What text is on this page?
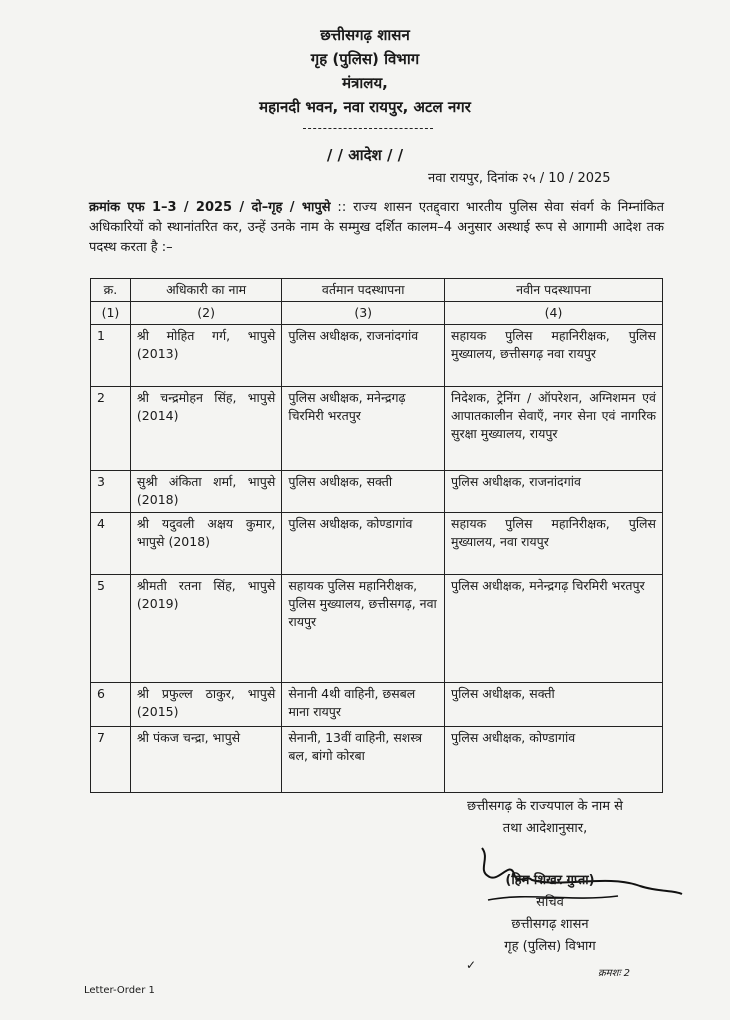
छत्तीसगढ़ शासन
गृह (पुलिस) विभाग
मंत्रालय,
महानदी भवन, नवा रायपुर, अटल नगर
/ / आदेश / /
नवा रायपुर, दिनांक २५ / 10 / 2025
क्रमांक एफ 1–3 / 2025 / दो–गृह / भापुसे :: राज्य शासन एतद्द्वारा भारतीय पुलिस सेवा संवर्ग के निम्नांकित अधिकारियों को स्थानांतरित कर, उन्हें उनके नाम के सम्मुख दर्शित कालम–4 अनुसार अस्थाई रूप से आगामी आदेश तक पदस्थ करता है :–
क्र.	अधिकारी का नाम	वर्तमान पदस्थापना	नवीन पदस्थापना
(1)	(2)	(3)	(4)
1	श्री मोहित गर्ग, भापुसे (2013)	पुलिस अधीक्षक, राजनांदगांव	सहायक पुलिस महानिरीक्षक, पुलिस मुख्यालय, छत्तीसगढ़ नवा रायपुर
2	श्री चन्द्रमोहन सिंह, भापुसे (2014)	पुलिस अधीक्षक, मनेन्द्रगढ़ चिरमिरी भरतपुर	निदेशक, ट्रेनिंग / ऑपरेशन, अग्निशमन एवं आपातकालीन सेवाएँ, नगर सेना एवं नागरिक सुरक्षा मुख्यालय, रायपुर
3	सुश्री अंकिता शर्मा, भापुसे (2018)	पुलिस अधीक्षक, सक्ती	पुलिस अधीक्षक, राजनांदगांव
4	श्री यदुवली अक्षय कुमार, भापुसे (2018)	पुलिस अधीक्षक, कोण्डागांव	सहायक पुलिस महानिरीक्षक, पुलिस मुख्यालय, नवा रायपुर
5	श्रीमती रतना सिंह, भापुसे (2019)	सहायक पुलिस महानिरीक्षक, पुलिस मुख्यालय, छत्तीसगढ़, नवा रायपुर	पुलिस अधीक्षक, मनेन्द्रगढ़ चिरमिरी भरतपुर
6	श्री प्रफुल्ल ठाकुर, भापुसे (2015)	सेनानी 4थी वाहिनी, छसबल माना रायपुर	पुलिस अधीक्षक, सक्ती
7	श्री पंकज चन्द्रा, भापुसे	सेनानी, 13वीं वाहिनी, सशस्त्र बल, बांगो कोरबा	पुलिस अधीक्षक, कोण्डागांव
छत्तीसगढ़ के राज्यपाल के नाम से
तथा आदेशानुसार,
(हिम शिखर गुप्ता)
सचिव
छत्तीसगढ़ शासन
गृह (पुलिस) विभाग
✓
क्रमशः 2
Letter-Order 1
